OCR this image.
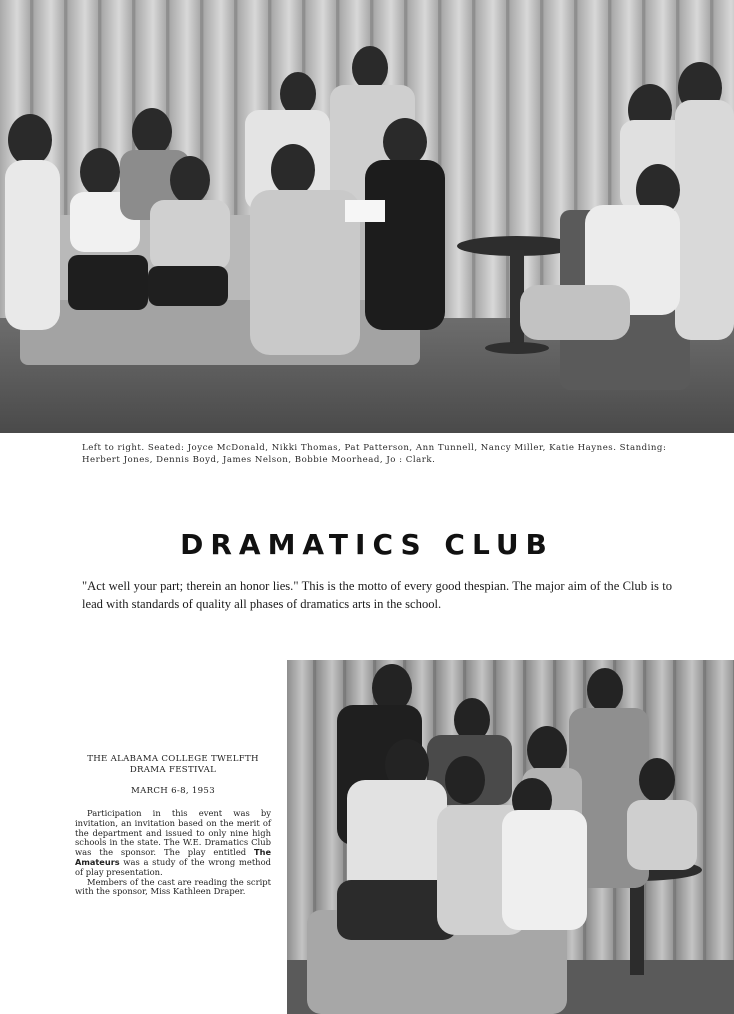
Left to right. Seated: Joyce McDonald, Nikki Thomas, Pat Patterson, Ann Tunnell, Nancy Miller, Katie Haynes. Standing: Herbert Jones, Dennis Boyd, James Nelson, Bobbie Moorhead, Jo : Clark.
DRAMATICS CLUB
"Act well your part; therein an honor lies." This is the motto of every good thespian. The major aim of the Club is to lead with standards of quality all phases of dramatics arts in the school.
THE ALABAMA COLLEGE TWELFTH
DRAMA FESTIVAL
MARCH 6-8, 1953

Participation in this event was by invitation, an invitation based on the merit of the department and issued to only nine high schools in the state. The W.E. Dramatics Club was the sponsor. The play entitled The Amateurs was a study of the wrong method of play presentation.

Members of the cast are reading the script with the sponsor, Miss Kathleen Draper.
